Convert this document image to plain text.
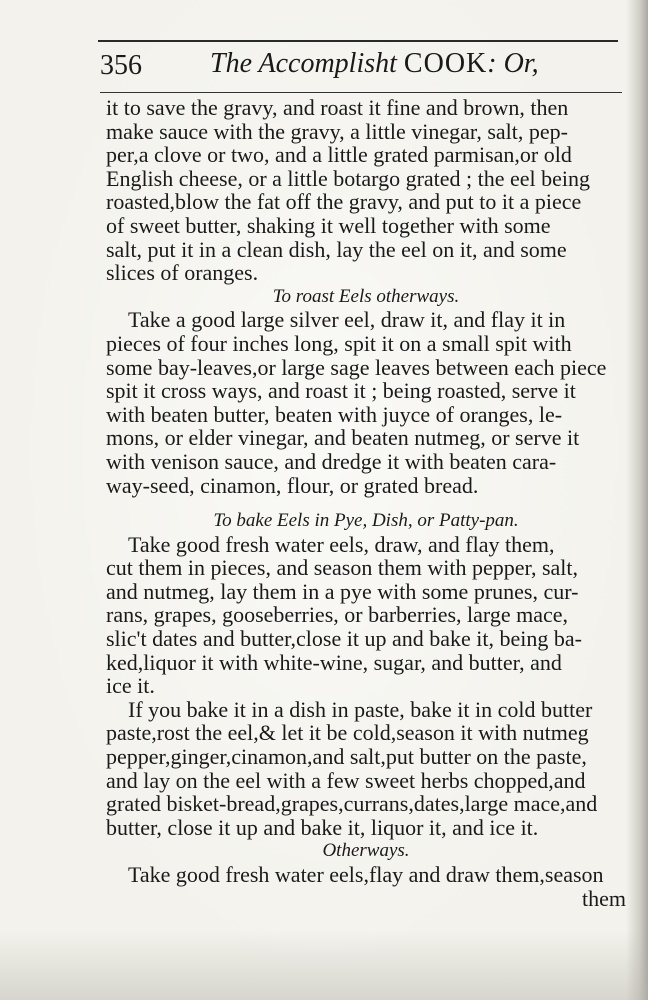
356 The Accomplisht COOK: Or,
it to save the gravy, and roast it fine and brown, then
make sauce with the gravy, a little vinegar, salt, pep-
per,a clove or two, and a little grated parmisan,or old
English cheese, or a little botargo grated ; the eel being
roasted,blow the fat off the gravy, and put to it a piece
of sweet butter, shaking it well together with some
salt, put it in a clean dish, lay the eel on it, and some
slices of oranges.
To roast Eels otherways.
Take a good large silver eel, draw it, and flay it in
pieces of four inches long, spit it on a small spit with
some bay-leaves,or large sage leaves between each piece
spit it cross ways, and roast it ; being roasted, serve it
with beaten butter, beaten with juyce of oranges, le-
mons, or elder vinegar, and beaten nutmeg, or serve it
with venison sauce, and dredge it with beaten cara-
way-seed, cinamon, flour, or grated bread.
To bake Eels in Pye, Dish, or Patty-pan.
Take good fresh water eels, draw, and flay them,
cut them in pieces, and season them with pepper, salt,
and nutmeg, lay them in a pye with some prunes, cur-
rans, grapes, gooseberries, or barberries, large mace,
slic't dates and butter,close it up and bake it, being ba-
ked,liquor it with white-wine, sugar, and butter, and
ice it.
If you bake it in a dish in paste, bake it in cold butter
paste,rost the eel,& let it be cold,season it with nutmeg
pepper,ginger,cinamon,and salt,put butter on the paste,
and lay on the eel with a few sweet herbs chopped,and
grated bisket-bread,grapes,currans,dates,large mace,and
butter, close it up and bake it, liquor it, and ice it.
Otherways.
Take good fresh water eels,flay and draw them,season
them
